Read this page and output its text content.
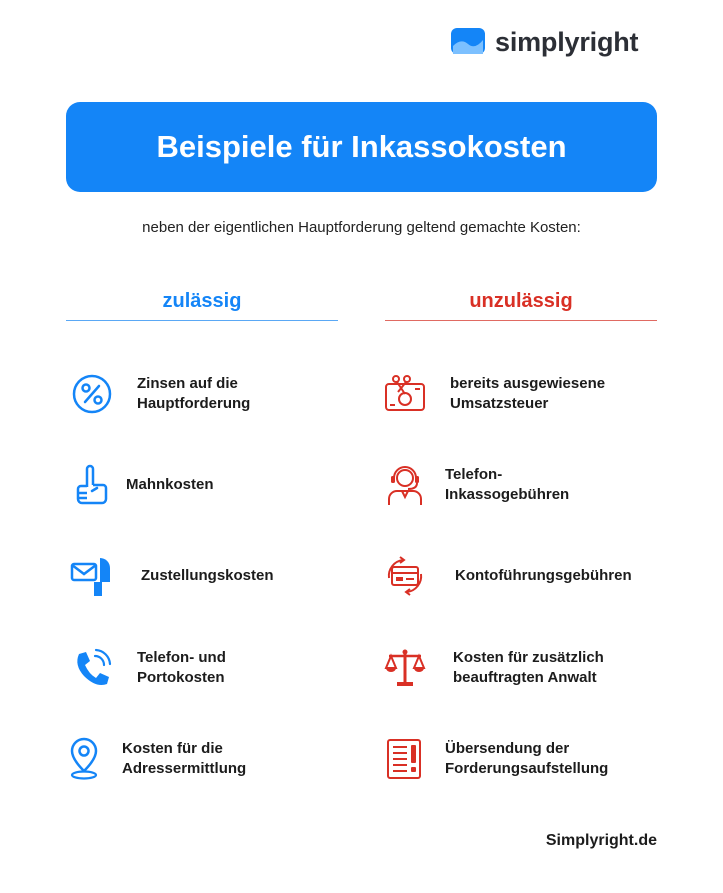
simplyright
Beispiele für Inkassokosten
neben der eigentlichen Hauptforderung geltend gemachte Kosten:
zulässig	unzulässig
Zinsen auf die
Hauptforderung
Mahnkosten
Zustellungskosten
Telefon- und
Portokosten
Kosten für die
Adressermittlung
bereits ausgewiesene
Umsatzsteuer
Telefon-
Inkassogebühren
Kontoführungsgebühren
Kosten für zusätzlich
beauftragten Anwalt
Übersendung der
Forderungsaufstellung
Simplyright.de
